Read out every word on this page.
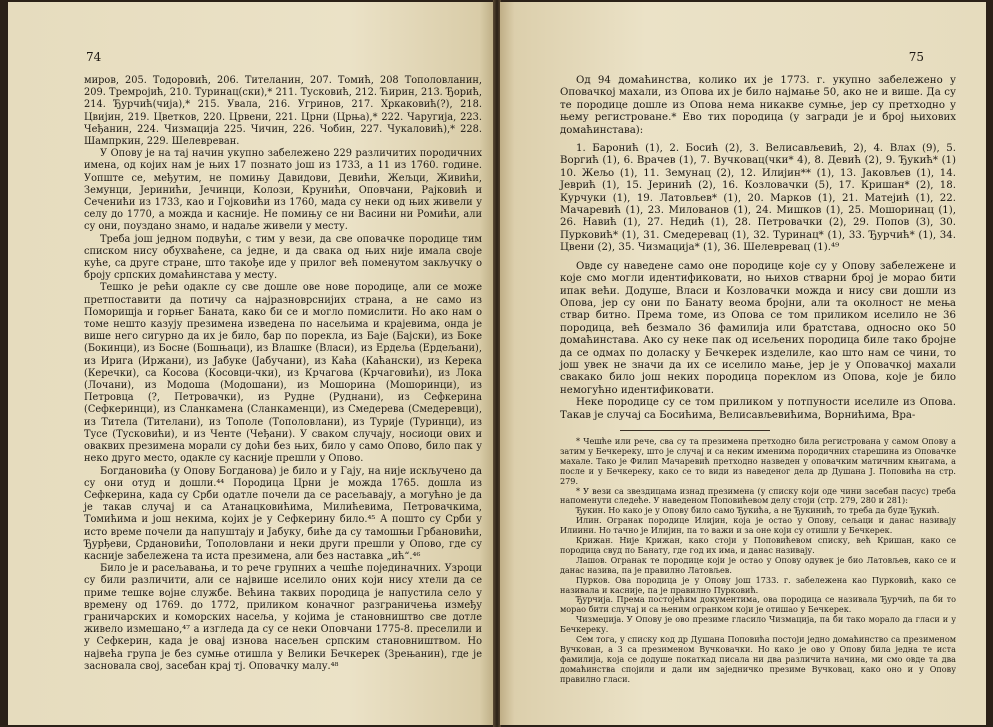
74

миров, 205. Тодоровић, 206. Тителанин, 207. Томић, 208 Тополовланин, 209. Тремројић, 210. Туринац(ски),* 211. Тусковић, 212. Ћирин, 213. Ђорић, 214. Ђурчић(чија),* 215. Увала, 216. Угринов, 217. Хркаковић(?), 218. Цвијин, 219. Цветков, 220. Црвени, 221. Црни (Црња),* 222. Чаругија, 223. Чеђанин, 224. Чизмација 225. Чичин, 226. Чобин, 227. Чукаловић),* 228. Шампркин, 229. Шелевреван.

У Опову је на тај начин укупно забележено 229 различитих породичних имена, од којих нам је њих 17 познато још из 1733, а 11 из 1760. године. Уопште се, међутим, не помињу Давидови, Девићи, Жељци, Живићи, Земунци, Јеринићи, Јечинци, Колози, Крунићи, Оповчани, Рајковић и Сеченићи из 1733, као и Гојковићи из 1760, мада су неки од њих живели у селу до 1770, а можда и касније. Не помињу се ни Васини ни Ромићи, али су они, поуздано знамо, и надаље живели у месту.

Треба још једном подвући, с тим у вези, да све оповачке породице тим списком нису обухваћене, са једне, и да свака од њих није имала своје куће, са друге стране, што такође иде у прилог већ поменутом закључку о броју српских домаћинстава у месту.

Тешко је рећи одакле су све дошле ове нове породице, али се може претпоставити да потичу са најразноврснијих страна, а не само из Поморишја и горњег Баната, како би се и могло помислити. Но ако нам о томе нешто казују презимена изведена по насељима и крајевима, онда је више него сигурно да их је било, бар по порекла, из Баје (Бајски), из Боке (Бокинци), из Босне (Бошњаци), из Влашке (Власи), из Ердеља (Ердељани), из Ирига (Иржани), из Јабуке (Јабучани), из Каћа (Каћански), из Керека (Керечки), са Косова (Косовци-чки), из Крчагова (Крчаговићи), из Лока (Лочани), из Модоша (Модошани), из Мошорина (Мошоринци), из Петровца (?, Петровачки), из Рудне (Руднани), из Сефкерина (Сефкеринци), из Сланкамена (Сланкаменци), из Смедерева (Смедеревци), из Титела (Тителани), из Тополе (Тополовлани), из Турије (Туринци), из Тусе (Тусковићи), и из Ченте (Чеђани). У сваком случају, носиоци ових и оваквих презимена морали су доћи без њих, било у само Опово, било пак у неко друго место, одакле су касније прешли у Опово.

Богдановића (у Опову Богданова) је било и у Гају, на није искључено да су они отуд и дошли.⁴⁴ Породица Црни је можда 1765. дошла из Сефкерина, када су Срби одатле почели да се расељавају, а могућно је да је такав случај и са Атанацковићима, Милићевима, Петровачкима, Томићима и још некима, којих је у Сефкерину било.⁴⁵ А пошто су Срби у исто време почели да напуштају и Јабуку, биће да су тамошњи Грбановићи, Ђурђеви, Срдановићи, Тополовлани и неки други прешли у Опово, где су касније забележена та иста презимена, али без наставка „ић“.⁴⁶

Било је и расељавања, и то рече групних а чешће појединачних. Узроци су били различити, али се највише иселило оних који нису хтели да се приме тешке војне службе. Већина таквих породица је напустила село у времену од 1769. до 1772, приликом коначног разграничења између граничарских и коморских насеља, у којима је становништво све дотле живело измешано,⁴⁷ а изгледа да су се неки Оповчани 1775-8. преселили и у Сефкерин, када је овај изнова насељен српским становништвом. Но највећа група је без сумње отишла у Велики Бечкерек (Зрењанин), где је засновала свој, засебан крај тј. Оповачку малу.⁴⁸

75

Од 94 домаћинства, колико их је 1773. г. укупно забележено у Оповачкој махали, из Опова их је било најмање 50, ако не и више. Да су те породице дошле из Опова нема никакве сумње, јер су претходно у њему регистроване.* Ево тих породица (у загради је и број њихових домаћинстава):

1. Баронић (1), 2. Босић (2), 3. Велисављевић, 2), 4. Влах (9), 5. Воргић (1), 6. Врачев (1), 7. Вучковац(чки* 4), 8. Девић (2), 9. Ђукић* (1) 10. Жељо (1), 11. Земунац (2), 12. Илијин** (1), 13. Јаковљев (1), 14. Јеврић (1), 15. Јеринић (2), 16. Козловачки (5), 17. Кришан* (2), 18. Курчуки (1), 19. Латовљев* (1), 20. Марков (1), 21. Матејић (1), 22. Мачаревић (1), 23. Милованов (1), 24. Мишков (1), 25. Мошоринац (1), 26. Навић (1), 27. Недић (1), 28. Петровачки (2), 29. Попов (3), 30. Пурковић* (1), 31. Смедеревац (1), 32. Туринац* (1), 33. Ђурчић* (1), 34. Цвени (2), 35. Чизмација* (1), 36. Шелевревац (1).⁴⁹

Овде су наведене само оне породице које су у Опову забележене и које смо могли идентификовати, но њихов стварни број је морао бити ипак већи. Додуше, Власи и Козловачки можда и нису сви дошли из Опова, јер су они по Банату веома бројни, али та околност не мења ствар битно. Према томе, из Опова се том приликом иселило не 36 породица, већ безмало 36 фамилија или братстава, односно око 50 домаћинстава. Ако су неке пак од исељених породица биле тако бројне да се одмах по доласку у Бечкерек изделиле, као што нам се чини, то још увек не значи да их се иселило мање, јер је у Оповачкој махали свакако било још неких породица пореклом из Опова, које је било немогућно идентификовати.

Неке породице су се том приликом у потпуности иселиле из Опова. Такав је случај са Босићима, Велисављевићима, Ворнићима, Вра-

* Чешће или рече, сва су та презимена претходно била регистрована у самом Опову а затим у Бечкереку, што је случај и са неким именима породичних старешина из Оповачке махале. Тако је Филип Мачаревић претходно назведен у оповачким матичним књигама, а после и у Бечкереку, како се то види из наведеног дела др Душана Ј. Поповића на стр. 279.

* У вези са звездицама изнад презимена (у списку који оде чини засебан пасус) треба напоменути следеће. У наведеном Поповићевом делу стоји (стр. 279, 280 и 281):

Ђукин. Но како је у Опову било само Ђукића, а не Ђукинић, то треба да буде Ђукић.

Илин. Огранак породице Илијин, која је остао у Опову, сељаци и данас називају Илиини. Но тачно је Илијин, па то важи и за оне који су отишли у Бечкерек.

Крижан. Није Крижан, како стоји у Поповићевом списку, већ Кришан, како се породица свуд по Банату, где год их има, и данас називају.

Лашов. Огранак те породице који је остао у Опову одувек је био Латовљев, како се и данас назива, па је правилно Латовљев.

Пурков. Ова породица је у Опову још 1733. г. забележена као Пурковић, како се називала и касније, па је правилно Пурковић.

Ђурчија. Према постојећим документима, ова породица се називала Ђурчић, па би то морао бити случај и са њеним огранком који је отишао у Бечкерек.

Чизмеџија. У Опову је ово презиме гласило Чизмација, па би тако морало да гласи и у Бечкереку.

Сем тога, у списку код др Душана Поповића постоји једно домаћинство са презименом Вучкован, а 3 са презименом Вучковачки. Но како је ово у Опову била једна те иста фамилија, која се додуше покаткад писала ни два различита начина, ми смо овде та два домаћинства спојили и дали им заједничко презиме Вучковац, како оно и у Опову правилно гласи.
